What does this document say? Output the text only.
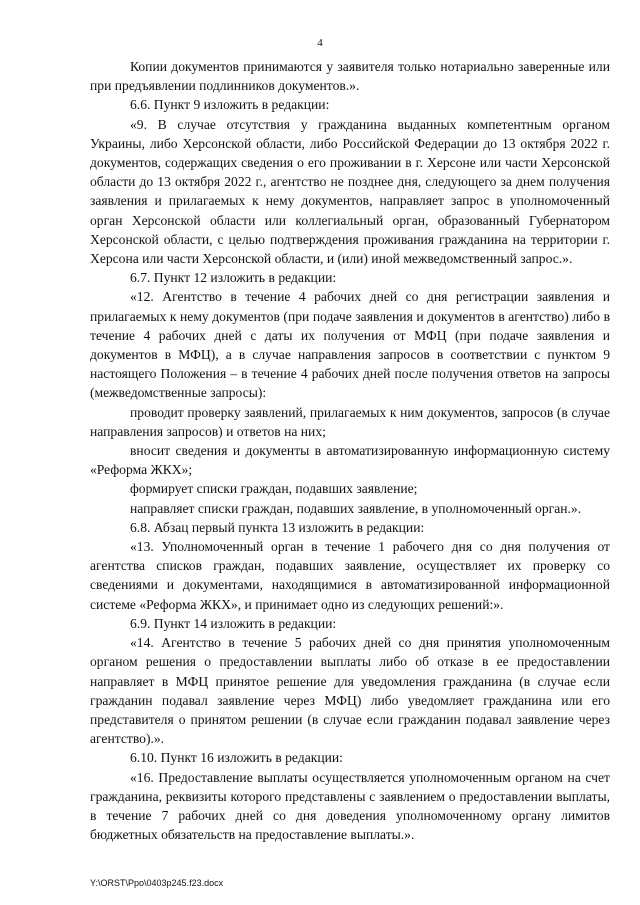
4

Копии документов принимаются у заявителя только нотариально заверенные или при предъявлении подлинников документов.».

6.6. Пункт 9 изложить в редакции:

«9. В случае отсутствия у гражданина выданных компетентным органом Украины, либо Херсонской области, либо Российской Федерации до 13 октября 2022 г. документов, содержащих сведения о его проживании в г. Херсоне или части Херсонской области до 13 октября 2022 г., агентство не позднее дня, следующего за днем получения заявления и прилагаемых к нему документов, направляет запрос в уполномоченный орган Херсонской области или коллегиальный орган, образованный Губернатором Херсонской области, с целью подтверждения проживания гражданина на территории г. Херсона или части Херсонской области, и (или) иной межведомственный запрос.».

6.7. Пункт 12 изложить в редакции:

«12. Агентство в течение 4 рабочих дней со дня регистрации заявления и прилагаемых к нему документов (при подаче заявления и документов в агентство) либо в течение 4 рабочих дней с даты их получения от МФЦ (при подаче заявления и документов в МФЦ), а в случае направления запросов в соответствии с пунктом 9 настоящего Положения – в течение 4 рабочих дней после получения ответов на запросы (межведомственные запросы):

проводит проверку заявлений, прилагаемых к ним документов, запросов (в случае направления запросов) и ответов на них;

вносит сведения и документы в автоматизированную информационную систему «Реформа ЖКХ»;

формирует списки граждан, подавших заявление;

направляет списки граждан, подавших заявление, в уполномоченный орган.».

6.8. Абзац первый пункта 13 изложить в редакции:

«13. Уполномоченный орган в течение 1 рабочего дня со дня получения от агентства списков граждан, подавших заявление, осуществляет их проверку со сведениями и документами, находящимися в автоматизированной информационной системе «Реформа ЖКХ», и принимает одно из следующих решений:».

6.9. Пункт 14 изложить в редакции:

«14. Агентство в течение 5 рабочих дней со дня принятия уполномоченным органом решения о предоставлении выплаты либо об отказе в ее предоставлении направляет в МФЦ принятое решение для уведомления гражданина (в случае если гражданин подавал заявление через МФЦ) либо уведомляет гражданина или его представителя о принятом решении (в случае если гражданин подавал заявление через агентство).».

6.10. Пункт 16 изложить в редакции:

«16. Предоставление выплаты осуществляется уполномоченным органом на счет гражданина, реквизиты которого представлены с заявлением о предоставлении выплаты, в течение 7 рабочих дней со дня доведения уполномоченному органу лимитов бюджетных обязательств на предоставление выплаты.».

Y:\ORST\Ppo\0403p245.f23.docx
